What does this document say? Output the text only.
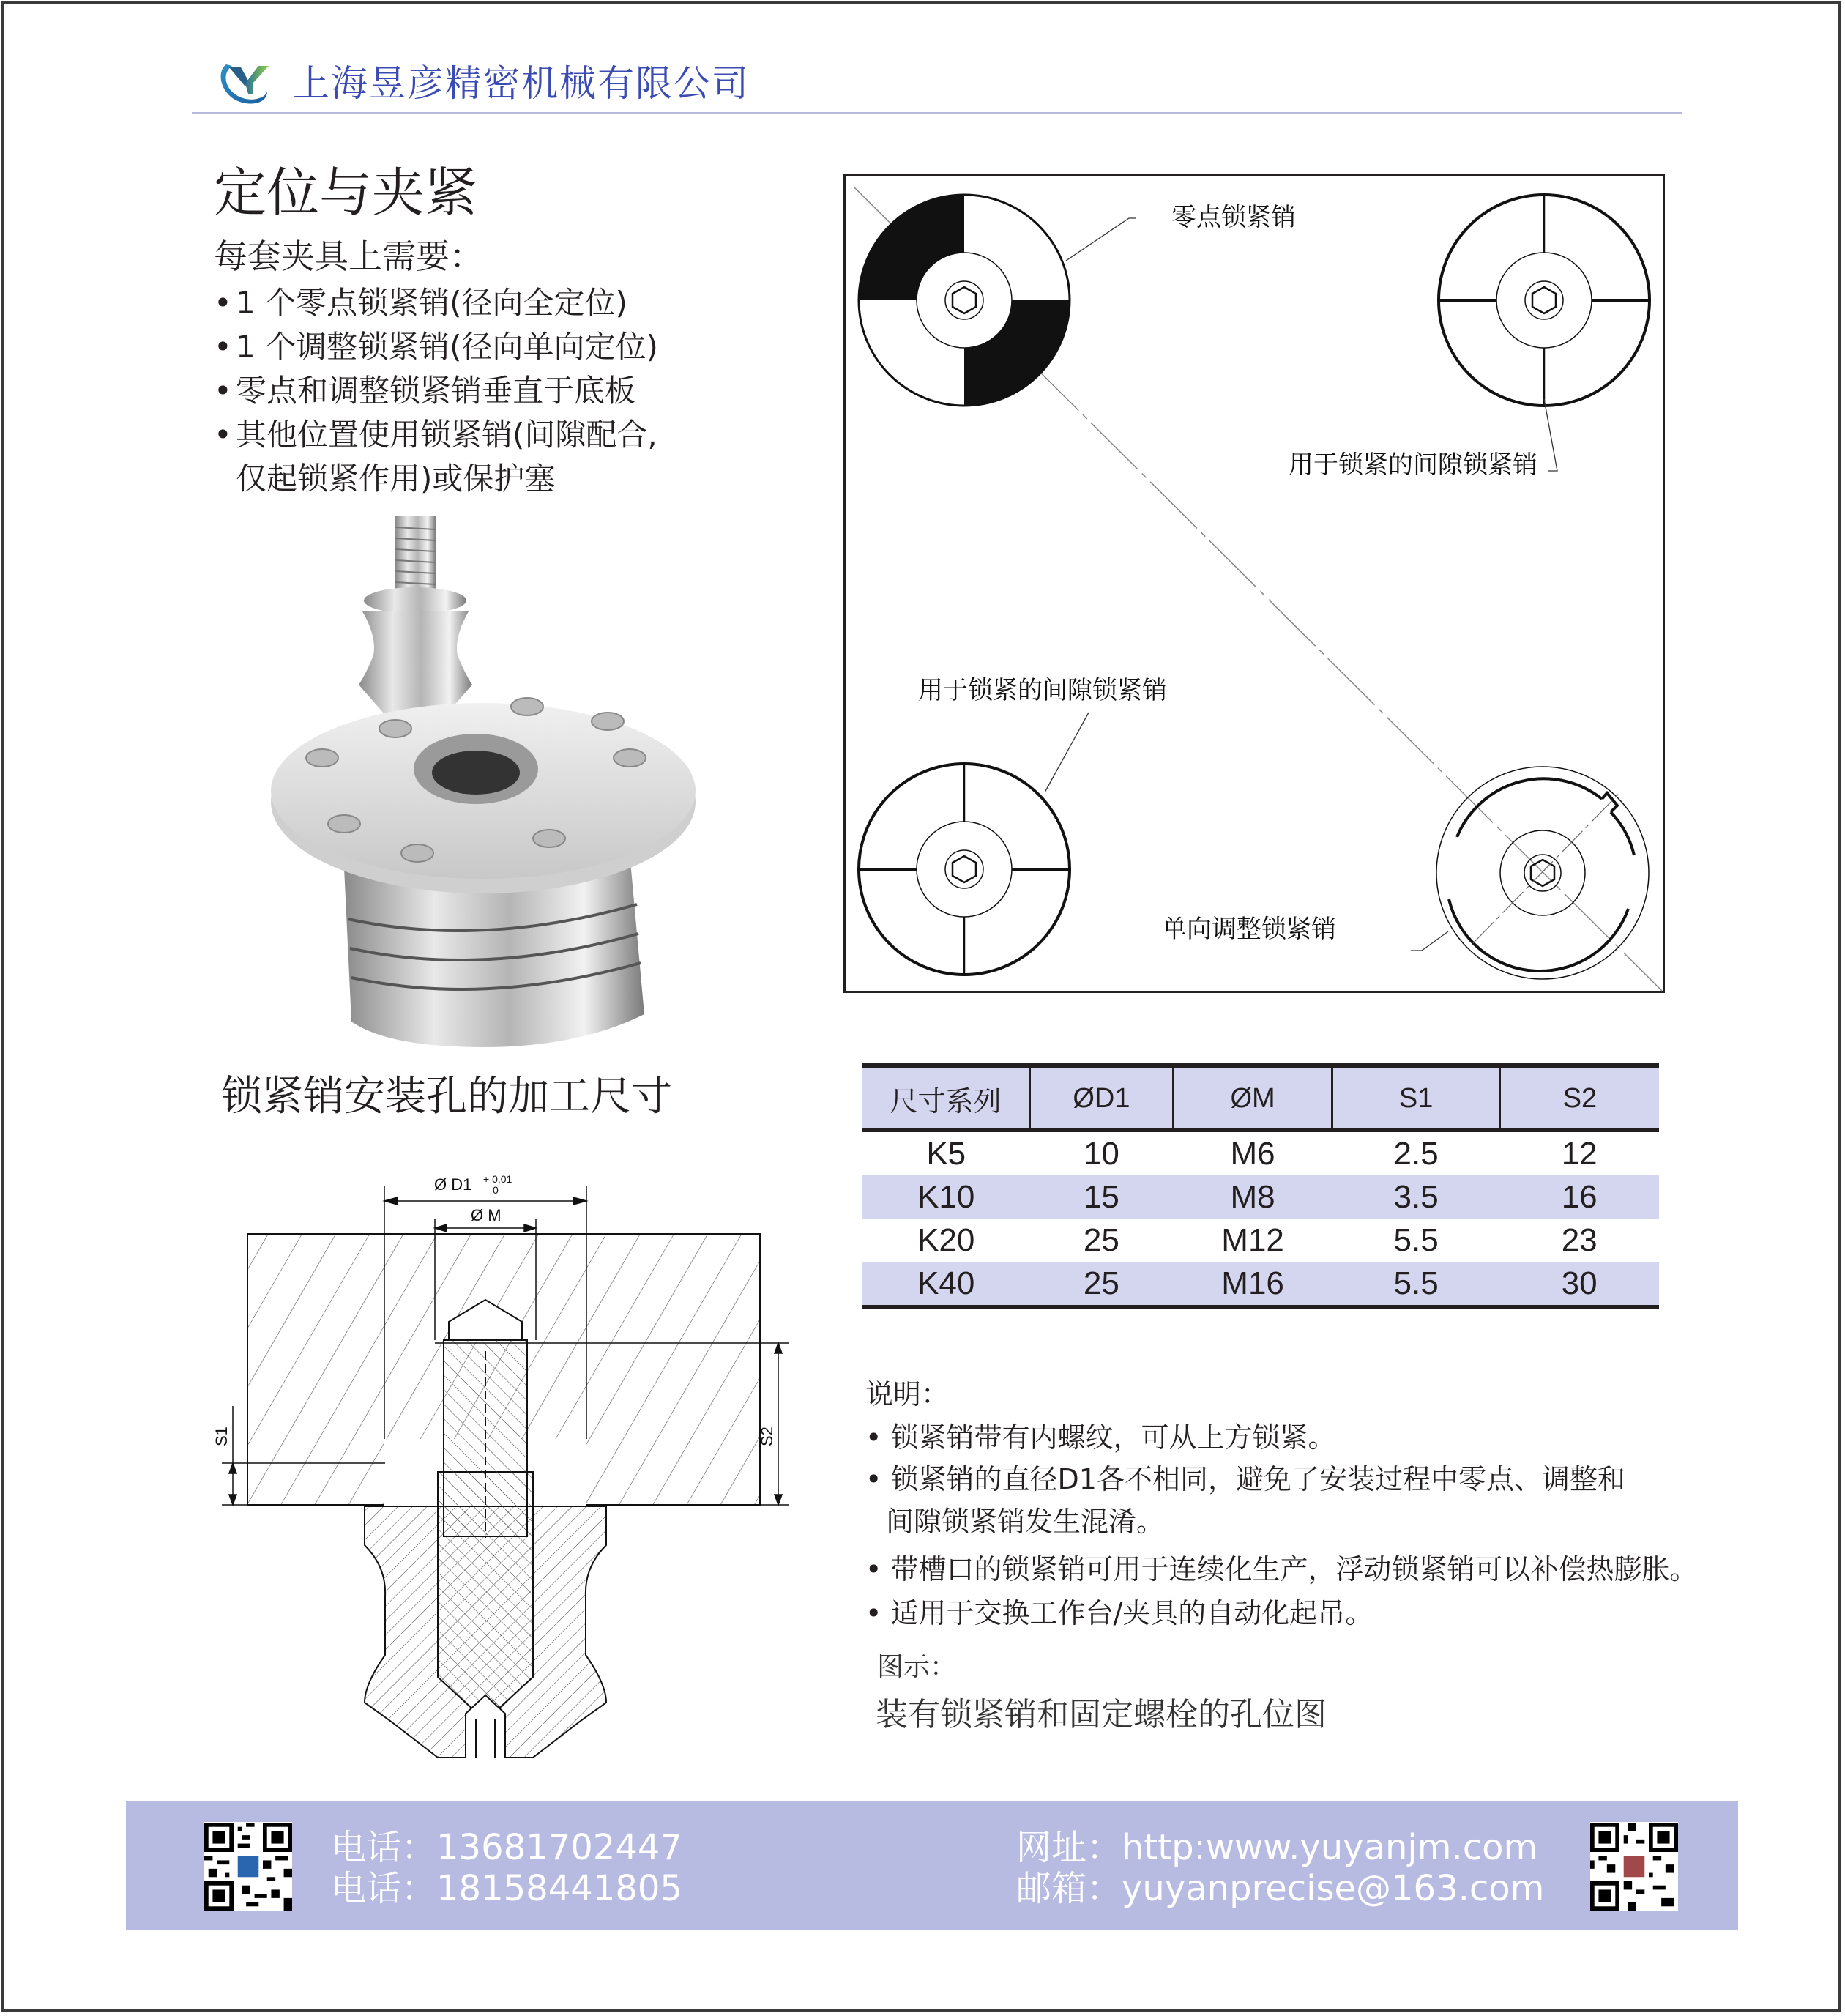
上海昱彦精密机械有限公司
定位与夹紧
每套夹具上需要：
• 1 个零点锁紧销(径向全定位)
• 1 个调整锁紧销(径向单向定位)
• 零点和调整锁紧销垂直于底板
• 其他位置使用锁紧销(间隙配合,
仅起锁紧作用)或保护塞
锁紧销安装孔的加工尺寸
Ø D1 + 0,01
0
Ø M
S1	S2
零点锁紧销
用于锁紧的间隙锁紧销
用于锁紧的间隙锁紧销
单向调整锁紧销
尺寸系列	ØD1	ØM	S1	S2
K5	10	M6	2.5	12
K10	15	M8	3.5	16
K20	25	M12	5.5	23
K40	25	M16	5.5	30
说明：
• 锁紧销带有内螺纹，可从上方锁紧。
• 锁紧销的直径D1各不相同，避免了安装过程中零点、调整和
间隙锁紧销发生混淆。
• 带槽口的锁紧销可用于连续化生产，浮动锁紧销可以补偿热膨胀。
• 适用于交换工作台/夹具的自动化起吊。
图示：
装有锁紧销和固定螺栓的孔位图
电话：13681702447
电话：18158441805
网址：http:www.yuyanjm.com
邮箱：yuyanprecise@163.com
